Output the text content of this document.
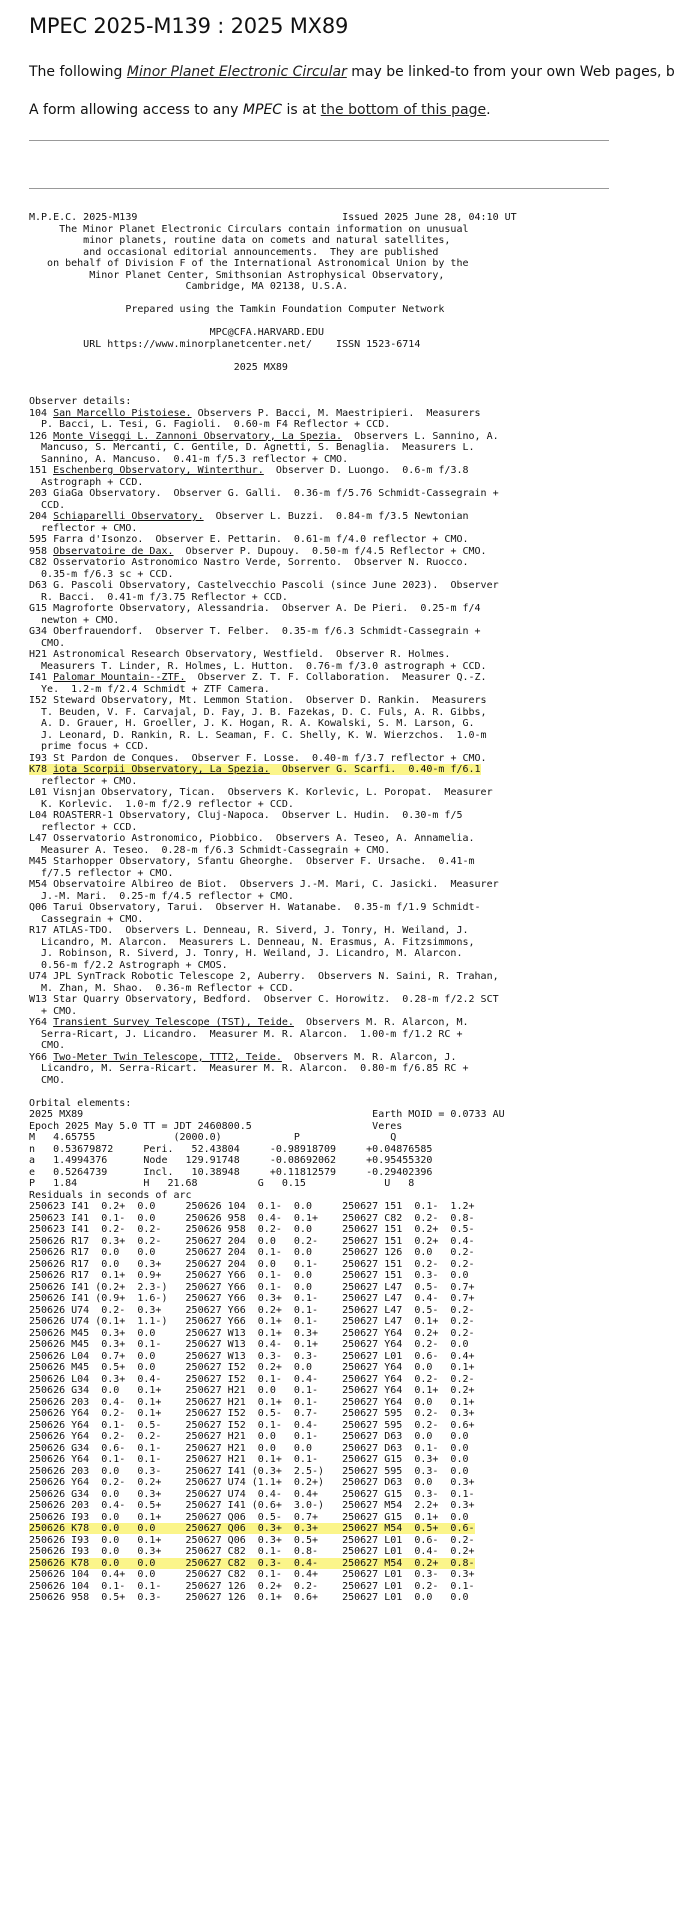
MPEC 2025-M139 : 2025 MX89

The following Minor Planet Electronic Circular may be linked-to from your own Web pages, b

A form allowing access to any MPEC is at the bottom of this page.

M.P.E.C. 2025-M139                                  Issued 2025 June 28, 04:10 UT
The Minor Planet Electronic Circulars contain information on unusual
minor planets, routine data on comets and natural satellites,
and occasional editorial announcements.  They are published
on behalf of Division F of the International Astronomical Union by the
Minor Planet Center, Smithsonian Astrophysical Observatory,
Cambridge, MA 02138, U.S.A.

Prepared using the Tamkin Foundation Computer Network

MPC@CFA.HARVARD.EDU
URL https://www.minorplanetcenter.net/    ISSN 1523-6714

2025 MX89

Observer details:
104 San Marcello Pistoiese. Observers P. Bacci, M. Maestripieri.  Measurers
P. Bacci, L. Tesi, G. Fagioli.  0.60-m F4 Reflector + CCD.
126 Monte Viseggi L. Zannoni Observatory, La Spezia.  Observers L. Sannino, A.
Mancuso, S. Mercanti, C. Gentile, D. Agnetti, S. Benaglia.  Measurers L.
Sannino, A. Mancuso.  0.41-m f/5.3 reflector + CMO.
151 Eschenberg Observatory, Winterthur.  Observer D. Luongo.  0.6-m f/3.8
Astrograph + CCD.
203 GiaGa Observatory.  Observer G. Galli.  0.36-m f/5.76 Schmidt-Cassegrain +
CCD.
204 Schiaparelli Observatory.  Observer L. Buzzi.  0.84-m f/3.5 Newtonian
reflector + CMO.
595 Farra d'Isonzo.  Observer E. Pettarin.  0.61-m f/4.0 reflector + CMO.
958 Observatoire de Dax.  Observer P. Dupouy.  0.50-m f/4.5 Reflector + CMO.
C82 Osservatorio Astronomico Nastro Verde, Sorrento.  Observer N. Ruocco.
0.35-m f/6.3 sc + CCD.
D63 G. Pascoli Observatory, Castelvecchio Pascoli (since June 2023).  Observer
R. Bacci.  0.41-m f/3.75 Reflector + CCD.
G15 Magroforte Observatory, Alessandria.  Observer A. De Pieri.  0.25-m f/4
newton + CMO.
G34 Oberfrauendorf.  Observer T. Felber.  0.35-m f/6.3 Schmidt-Cassegrain +
CMO.
H21 Astronomical Research Observatory, Westfield.  Observer R. Holmes.
Measurers T. Linder, R. Holmes, L. Hutton.  0.76-m f/3.0 astrograph + CCD.
I41 Palomar Mountain--ZTF.  Observer Z. T. F. Collaboration.  Measurer Q.-Z.
Ye.  1.2-m f/2.4 Schmidt + ZTF Camera.
I52 Steward Observatory, Mt. Lemmon Station.  Observer D. Rankin.  Measurers
T. Beuden, V. F. Carvajal, D. Fay, J. B. Fazekas, D. C. Fuls, A. R. Gibbs,
A. D. Grauer, H. Groeller, J. K. Hogan, R. A. Kowalski, S. M. Larson, G.
J. Leonard, D. Rankin, R. L. Seaman, F. C. Shelly, K. W. Wierzchos.  1.0-m
prime focus + CCD.
I93 St Pardon de Conques.  Observer F. Losse.  0.40-m f/3.7 reflector + CMO.
K78 iota Scorpii Observatory, La Spezia.  Observer G. Scarfi.  0.40-m f/6.1
reflector + CMO.
L01 Visnjan Observatory, Tican.  Observers K. Korlevic, L. Poropat.  Measurer
K. Korlevic.  1.0-m f/2.9 reflector + CCD.
L04 ROASTERR-1 Observatory, Cluj-Napoca.  Observer L. Hudin.  0.30-m f/5
reflector + CCD.
L47 Osservatorio Astronomico, Piobbico.  Observers A. Teseo, A. Annamelia.
Measurer A. Teseo.  0.28-m f/6.3 Schmidt-Cassegrain + CMO.
M45 Starhopper Observatory, Sfantu Gheorghe.  Observer F. Ursache.  0.41-m
f/7.5 reflector + CMO.
M54 Observatoire Albireo de Biot.  Observers J.-M. Mari, C. Jasicki.  Measurer
J.-M. Mari.  0.25-m f/4.5 reflector + CMO.
Q06 Tarui Observatory, Tarui.  Observer H. Watanabe.  0.35-m f/1.9 Schmidt-
Cassegrain + CMO.
R17 ATLAS-TDO.  Observers L. Denneau, R. Siverd, J. Tonry, H. Weiland, J.
Licandro, M. Alarcon.  Measurers L. Denneau, N. Erasmus, A. Fitzsimmons,
J. Robinson, R. Siverd, J. Tonry, H. Weiland, J. Licandro, M. Alarcon.
0.56-m f/2.2 Astrograph + CMOS.
U74 JPL SynTrack Robotic Telescope 2, Auberry.  Observers N. Saini, R. Trahan,
M. Zhan, M. Shao.  0.36-m Reflector + CCD.
W13 Star Quarry Observatory, Bedford.  Observer C. Horowitz.  0.28-m f/2.2 SCT
+ CMO.
Y64 Transient Survey Telescope (TST), Teide.  Observers M. R. Alarcon, M.
Serra-Ricart, J. Licandro.  Measurer M. R. Alarcon.  1.00-m f/1.2 RC +
CMO.
Y66 Two-Meter Twin Telescope, TTT2, Teide.  Observers M. R. Alarcon, J.
Licandro, M. Serra-Ricart.  Measurer M. R. Alarcon.  0.80-m f/6.85 RC +
CMO.

Orbital elements:
2025 MX89                                                Earth MOID = 0.0733 AU
Epoch 2025 May 5.0 TT = JDT 2460800.5                    Veres
M   4.65755             (2000.0)            P               Q
n   0.53679872     Peri.   52.43804     -0.98918709     +0.04876585
a   1.4994376      Node   129.91748     -0.08692062     +0.95455320
e   0.5264739      Incl.   10.38948     +0.11812579     -0.29402396
P   1.84           H   21.68          G   0.15             U   8
Residuals in seconds of arc
250623 I41  0.2+  0.0     250626 104  0.1-  0.0     250627 151  0.1-  1.2+
250623 I41  0.1-  0.0     250626 958  0.4-  0.1+    250627 C82  0.2-  0.8-
250623 I41  0.2-  0.2-    250626 958  0.2-  0.0     250627 151  0.2+  0.5-
250626 R17  0.3+  0.2-    250627 204  0.0   0.2-    250627 151  0.2+  0.4-
250626 R17  0.0   0.0     250627 204  0.1-  0.0     250627 126  0.0   0.2-
250626 R17  0.0   0.3+    250627 204  0.0   0.1-    250627 151  0.2-  0.2-
250626 R17  0.1+  0.9+    250627 Y66  0.1-  0.0     250627 151  0.3-  0.0
250626 I41 (0.2+  2.3-)   250627 Y66  0.1-  0.0     250627 L47  0.5-  0.7+
250626 I41 (0.9+  1.6-)   250627 Y66  0.3+  0.1-    250627 L47  0.4-  0.7+
250626 U74  0.2-  0.3+    250627 Y66  0.2+  0.1-    250627 L47  0.5-  0.2-
250626 U74 (0.1+  1.1-)   250627 Y66  0.1+  0.1-    250627 L47  0.1+  0.2-
250626 M45  0.3+  0.0     250627 W13  0.1+  0.3+    250627 Y64  0.2+  0.2-
250626 M45  0.3+  0.1-    250627 W13  0.4-  0.1+    250627 Y64  0.2-  0.0
250626 L04  0.7+  0.0     250627 W13  0.3-  0.3-    250627 L01  0.6-  0.4+
250626 M45  0.5+  0.0     250627 I52  0.2+  0.0     250627 Y64  0.0   0.1+
250626 L04  0.3+  0.4-    250627 I52  0.1-  0.4-    250627 Y64  0.2-  0.2-
250626 G34  0.0   0.1+    250627 H21  0.0   0.1-    250627 Y64  0.1+  0.2+
250626 203  0.4-  0.1+    250627 H21  0.1+  0.1-    250627 Y64  0.0   0.1+
250626 Y64  0.2-  0.1+    250627 I52  0.5-  0.7-    250627 595  0.2-  0.3+
250626 Y64  0.1-  0.5-    250627 I52  0.1-  0.4-    250627 595  0.2-  0.6+
250626 Y64  0.2-  0.2-    250627 H21  0.0   0.1-    250627 D63  0.0   0.0
250626 G34  0.6-  0.1-    250627 H21  0.0   0.0     250627 D63  0.1-  0.0
250626 Y64  0.1-  0.1-    250627 H21  0.1+  0.1-    250627 G15  0.3+  0.0
250626 203  0.0   0.3-    250627 I41 (0.3+  2.5-)   250627 595  0.3-  0.0
250626 Y64  0.2-  0.2+    250627 U74 (1.1+  0.2+)   250627 D63  0.0   0.3+
250626 G34  0.0   0.3+    250627 U74  0.4-  0.4+    250627 G15  0.3-  0.1-
250626 203  0.4-  0.5+    250627 I41 (0.6+  3.0-)   250627 M54  2.2+  0.3+
250626 I93  0.0   0.1+    250627 Q06  0.5-  0.7+    250627 G15  0.1+  0.0
250626 K78  0.0   0.0     250627 Q06  0.3+  0.3+    250627 M54  0.5+  0.6-
250626 I93  0.0   0.1+    250627 Q06  0.3+  0.5+    250627 L01  0.6-  0.2-
250626 I93  0.0   0.3+    250627 C82  0.1-  0.8-    250627 L01  0.4-  0.2+
250626 K78  0.0   0.0     250627 C82  0.3-  0.4-    250627 M54  0.2+  0.8-
250626 104  0.4+  0.0     250627 C82  0.1-  0.4+    250627 L01  0.3-  0.3+
250626 104  0.1-  0.1-    250627 126  0.2+  0.2-    250627 L01  0.2-  0.1-
250626 958  0.5+  0.3-    250627 126  0.1+  0.6+    250627 L01  0.0   0.0
